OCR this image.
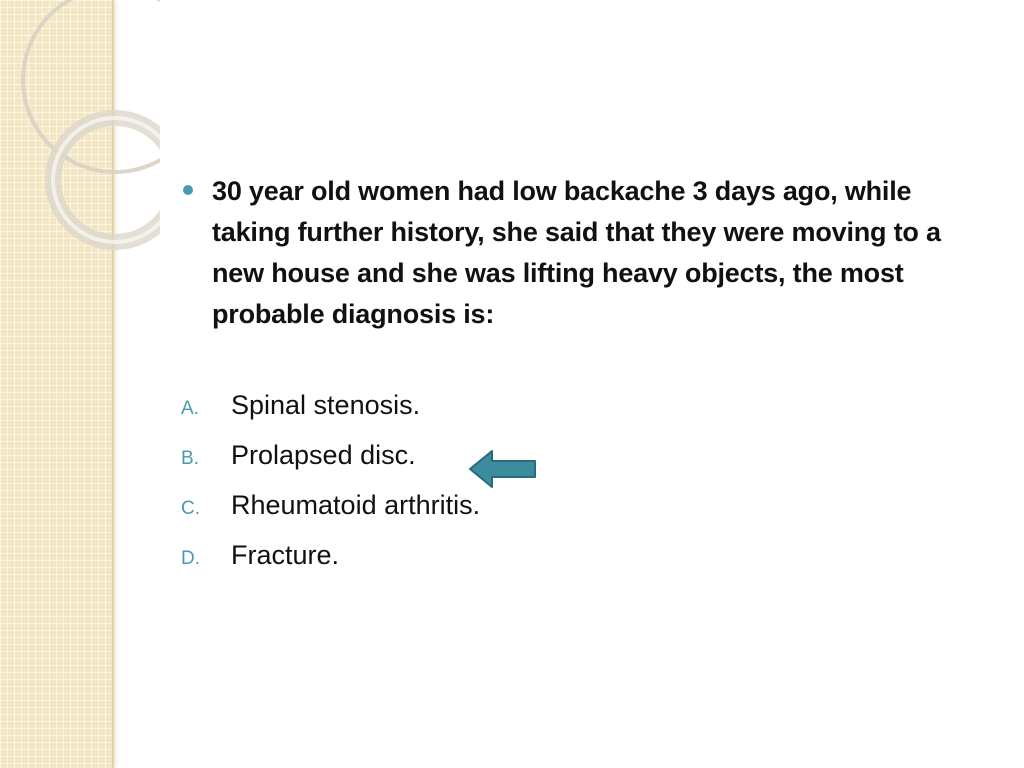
30 year old women had low backache 3 days ago, while taking further history, she said that they were moving to a new house and she was lifting heavy objects, the most probable diagnosis is:
A.	Spinal stenosis.
B.	Prolapsed disc.
C.	Rheumatoid arthritis.
D.	Fracture.
